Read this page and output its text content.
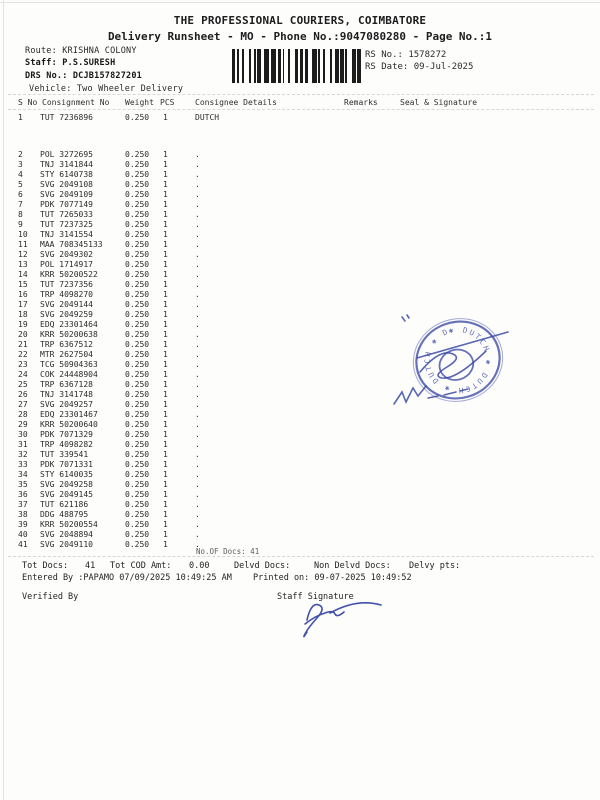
THE PROFESSIONAL COURIERS, COIMBATORE
Delivery Runsheet - MO - Phone No.:9047080280 - Page No.:1
Route: KRISHNA COLONY
Staff: P.S.SURESH
DRS No.: DCJB157827201
Vehicle: Two Wheeler Delivery
RS No.: 1578272
RS Date: 09-Jul-2025
S No Consignment No Weight PCS	Consignee Details	Remarks	Seal & Signature
1 TUT 7236896	0.250 1	DUTCH
2 POL 3272695	0.250 1	.
3 TNJ 3141844	0.250 1	.
4 STY 6140738	0.250 1	.
5 SVG 2049108	0.250 1	.
6 SVG 2049109	0.250 1	.
7 PDK 7077149	0.250 1	.
8 TUT 7265033	0.250 1	.
9 TUT 7237325	0.250 1	.
10 TNJ 3141554	0.250 1	.
11 MAA 708345133	0.250 1	.
12 SVG 2049302	0.250 1	.
13 POL 1714917	0.250 1	.
14 KRR 50200522	0.250 1	.
15 TUT 7237356	0.250 1	.
16 TRP 4098270	0.250 1	.
17 SVG 2049144	0.250 1	.
18 SVG 2049259	0.250 1	.
19 EDQ 23301464	0.250 1	.
20 KRR 50200638	0.250 1	.
21 TRP 6367512	0.250 1	.
22 MTR 2627504	0.250 1	.
23 TCG 50904363	0.250 1	.
24 COK 24448904	0.250 1	.
25 TRP 6367128	0.250 1	.
26 TNJ 3141748	0.250 1	.
27 SVG 2049257	0.250 1	.
28 EDQ 23301467	0.250 1	.
29 KRR 50200640	0.250 1	.
30 PDK 7071329	0.250 1	.
31 TRP 4098282	0.250 1	.
32 TUT 339541	0.250 1	.
33 PDK 7071331	0.250 1	.
34 STY 6140035	0.250 1	.
35 SVG 2049258	0.250 1	.
36 SVG 2049145	0.250 1	.
37 TUT 621186	0.250 1	.
38 DDG 488795	0.250 1	.
39 KRR 50200554	0.250 1	.
40 SVG 2048894	0.250 1	.
41 SVG 2049110	0.250 1	.
No.OF Docs: 41
Tot Docs: 41 Tot COD Amt: 0.00	Delvd Docs:	Non Delvd Docs: Delvy pts:
Entered By :PAPAMO 07/09/2025 10:49:25 AM Printed on: 09-07-2025 10:49:52
Verified By	Staff Signature
✱ DUTCH ✱ DUTCH ✱ DUTCH ✱ DUTCH
